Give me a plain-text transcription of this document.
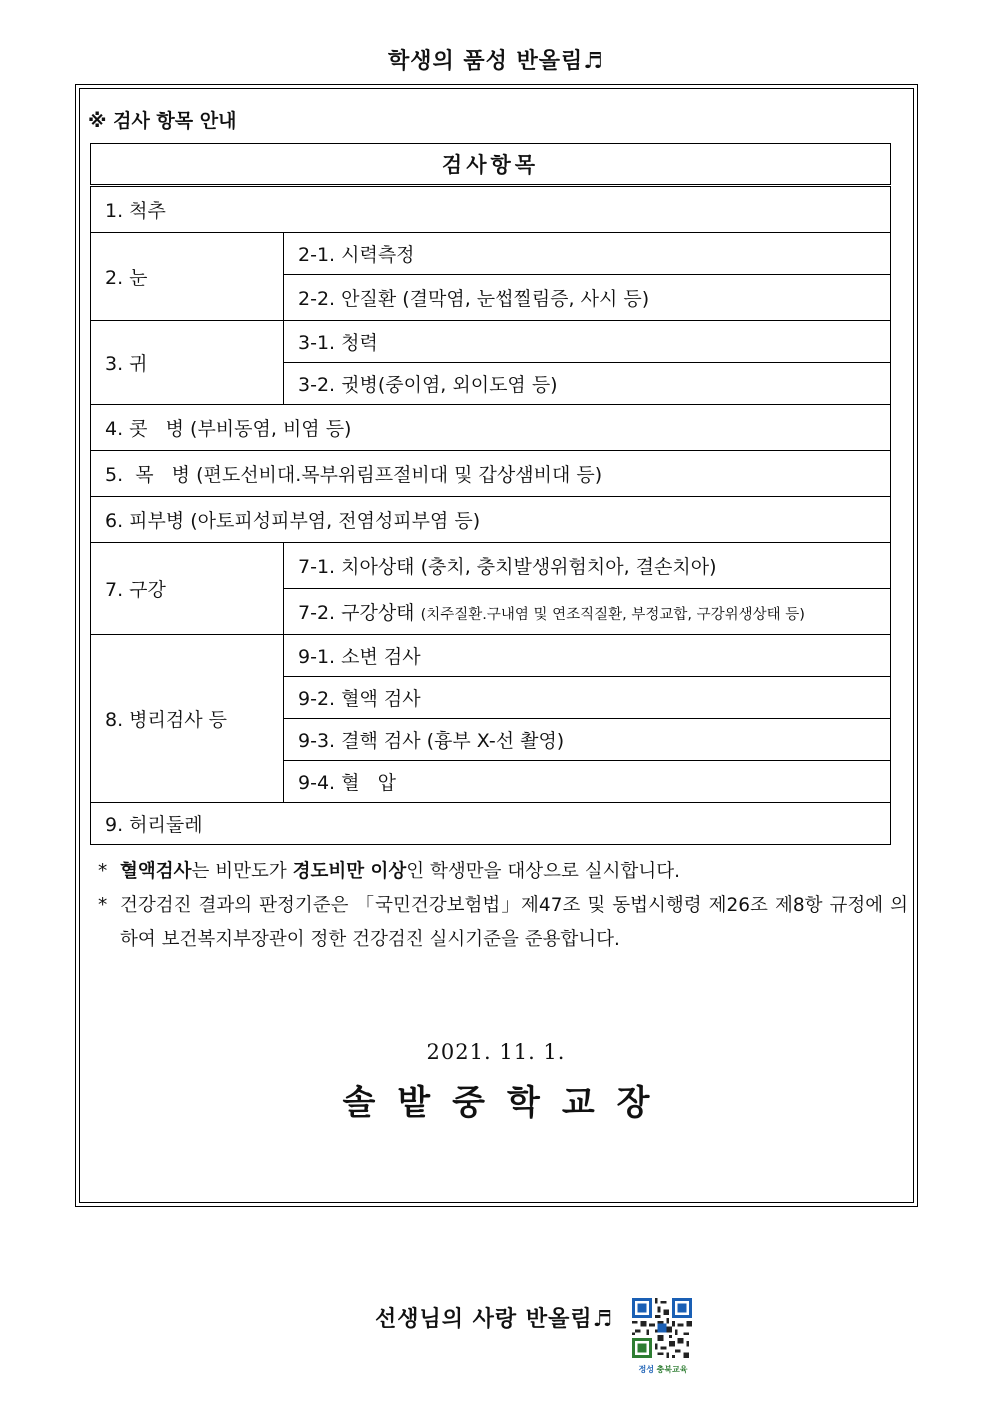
학생의 품성 반올림♬
※ 검사 항목 안내
검사항목	
1. 척추	
2. 눈	2-1. 시력측정
	2-2. 안질환 (결막염, 눈썹찔림증, 사시 등)
3. 귀	3-1. 청력
	3-2. 귓병(중이염, 외이도염 등)
4. 콧   병 (부비동염, 비염 등)	
5.  목   병 (편도선비대.목부위림프절비대 및 갑상샘비대 등)	
6. 피부병 (아토피성피부염, 전염성피부염 등)	
7. 구강	7-1. 치아상태 (충치, 충치발생위험치아, 결손치아)
	7-2. 구강상태 (치주질환.구내염 및 연조직질환, 부정교합, 구강위생상태 등)
8. 병리검사 등	9-1. 소변 검사
	9-2. 혈액 검사
	9-3. 결핵 검사 (흉부 X-선 촬영)
	9-4. 혈   압
9. 허리둘레	
* 혈액검사는 비만도가 경도비만 이상인 학생만을 대상으로 실시합니다.
* 건강검진 결과의 판정기준은 「국민건강보험법」제47조 및 동법시행령 제26조 제8항 규정에 의하여 보건복지부장관이 정한 건강검진 실시기준을 준용합니다.
2021. 11. 1.
솔밭중학교장
선생님의 사랑 반올림♬
정성 충북교육
